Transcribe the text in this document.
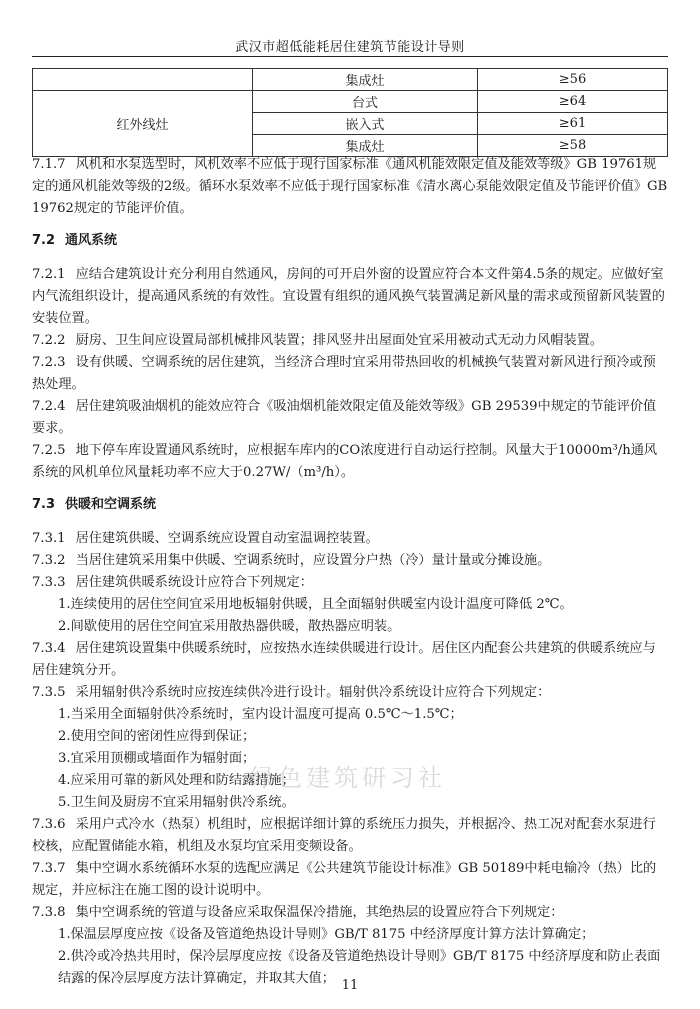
武汉市超低能耗居住建筑节能设计导则
	集成灶	≥56
红外线灶	台式	≥64
	嵌入式	≥61
	集成灶	≥58

7.1.7 风机和水泵选型时，风机效率不应低于现行国家标准《通风机能效限定值及能效等级》GB 19761规定的通风机能效等级的2级。循环水泵效率不应低于现行国家标准《清水离心泵能效限定值及节能评价值》GB 19762规定的节能评价值。

7.2 通风系统

7.2.1 应结合建筑设计充分利用自然通风，房间的可开启外窗的设置应符合本文件第4.5条的规定。应做好室内气流组织设计，提高通风系统的有效性。宜设置有组织的通风换气装置满足新风量的需求或预留新风装置的安装位置。

7.2.2 厨房、卫生间应设置局部机械排风装置；排风竖井出屋面处宜采用被动式无动力风帽装置。

7.2.3 设有供暖、空调系统的居住建筑，当经济合理时宜采用带热回收的机械换气装置对新风进行预冷或预热处理。

7.2.4 居住建筑吸油烟机的能效应符合《吸油烟机能效限定值及能效等级》GB 29539中规定的节能评价值要求。

7.2.5 地下停车库设置通风系统时，应根据车库内的CO浓度进行自动运行控制。风量大于10000m³/h通风系统的风机单位风量耗功率不应大于0.27W/（m³/h）。

7.3 供暖和空调系统

7.3.1 居住建筑供暖、空调系统应设置自动室温调控装置。

7.3.2 当居住建筑采用集中供暖、空调系统时，应设置分户热（冷）量计量或分摊设施。

7.3.3 居住建筑供暖系统设计应符合下列规定：

1.连续使用的居住空间宜采用地板辐射供暖，且全面辐射供暖室内设计温度可降低 2℃。

2.间歇使用的居住空间宜采用散热器供暖，散热器应明装。

7.3.4 居住建筑设置集中供暖系统时，应按热水连续供暖进行设计。居住区内配套公共建筑的供暖系统应与居住建筑分开。

7.3.5 采用辐射供冷系统时应按连续供冷进行设计。辐射供冷系统设计应符合下列规定：

1.当采用全面辐射供冷系统时，室内设计温度可提高 0.5℃～1.5℃；

2.使用空间的密闭性应得到保证；

3.宜采用顶棚或墙面作为辐射面；

4.应采用可靠的新风处理和防结露措施；

5.卫生间及厨房不宜采用辐射供冷系统。

7.3.6 采用户式冷水（热泵）机组时，应根据详细计算的系统压力损失，并根据冷、热工况对配套水泵进行校核，应配置储能水箱，机组及水泵均宜采用变频设备。

7.3.7 集中空调水系统循环水泵的选配应满足《公共建筑节能设计标准》GB 50189中耗电输冷（热）比的规定，并应标注在施工图的设计说明中。

7.3.8 集中空调系统的管道与设备应采取保温保冷措施，其绝热层的设置应符合下列规定：

1.保温层厚度应按《设备及管道绝热设计导则》GB/T 8175 中经济厚度计算方法计算确定；

2.供冷或冷热共用时，保冷层厚度应按《设备及管道绝热设计导则》GB/T 8175 中经济厚度和防止表面结露的保冷层厚度方法计算确定，并取其大值；

绿色建筑研习社
11
